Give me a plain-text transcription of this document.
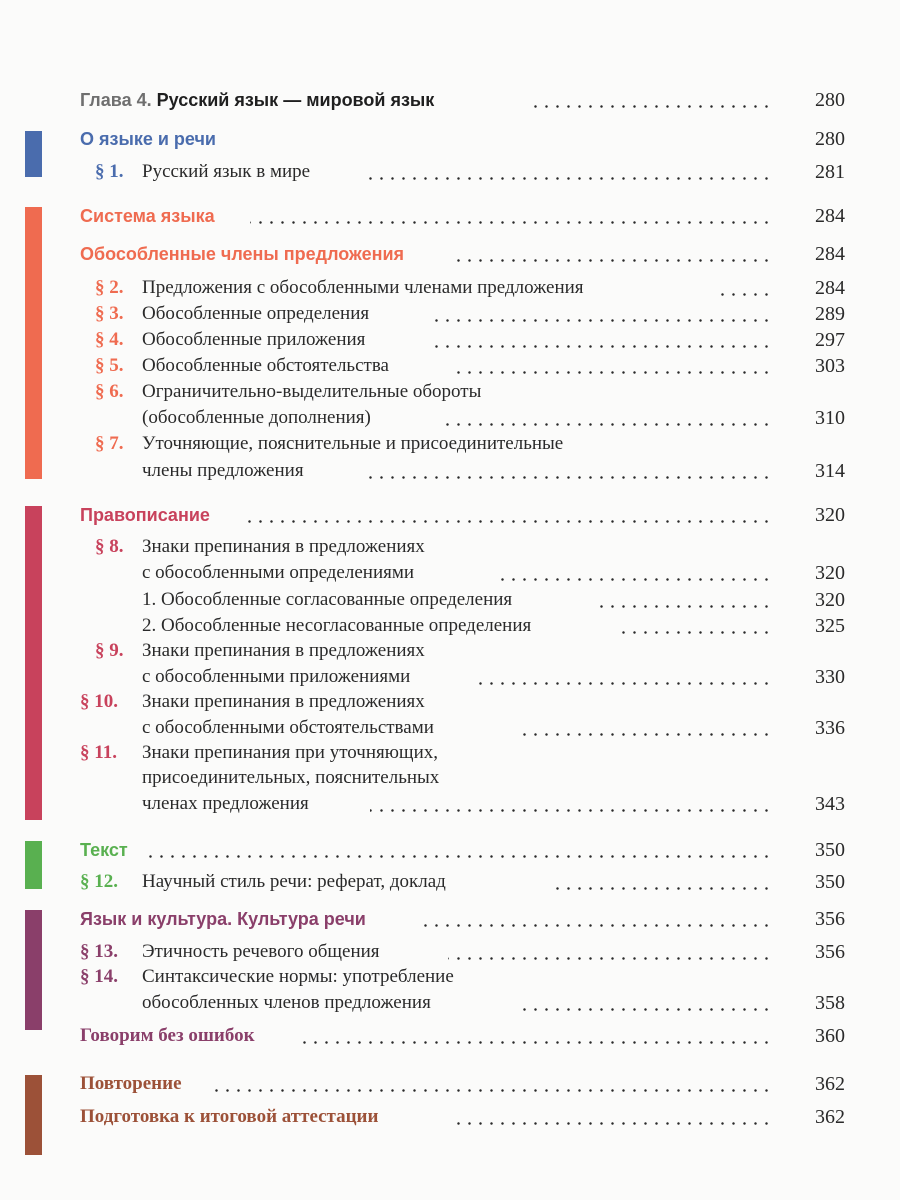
Глава 4. Русский язык — мировой язык	280
О языке и речи	280
§ 1. Русский язык в мире	281
Система языка	284
Обособленные члены предложения	284
§ 2. Предложения с обособленными членами предложения	284
§ 3. Обособленные определения	289
§ 4. Обособленные приложения	297
§ 5. Обособленные обстоятельства	303
§ 6. Ограничительно-выделительные обороты
(обособленные дополнения)	310
§ 7. Уточняющие, пояснительные и присоединительные
члены предложения	314
Правописание	320
§ 8. Знаки препинания в предложениях
с обособленными определениями	320
1. Обособленные согласованные определения	320
2. Обособленные несогласованные определения	325
§ 9. Знаки препинания в предложениях
с обособленными приложениями	330
§ 10. Знаки препинания в предложениях
с обособленными обстоятельствами	336
§ 11. Знаки препинания при уточняющих,
присоединительных, пояснительных
членах предложения	343
Текст	350
§ 12. Научный стиль речи: реферат, доклад	350
Язык и культура. Культура речи	356
§ 13. Этичность речевого общения	356
§ 14. Синтаксические нормы: употребление
обособленных членов предложения	358
Говорим без ошибок	360
Повторение	362
Подготовка к итоговой аттестации	362
